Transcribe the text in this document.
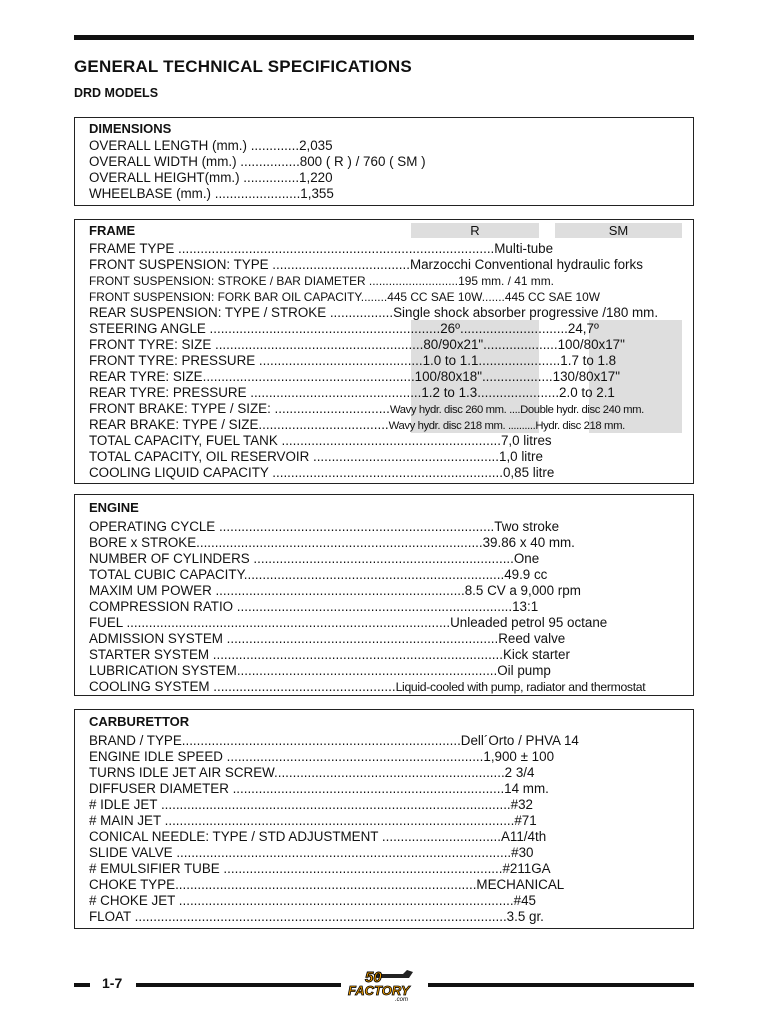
GENERAL TECHNICAL SPECIFICATIONS
DRD MODELS
DIMENSIONS
OVERALL LENGTH (mm.) .............2,035
OVERALL WIDTH (mm.) ................800 ( R ) / 760 ( SM )
OVERALL HEIGHT(mm.) ...............1,220
WHEELBASE (mm.) .......................1,355
FRAME	R	SM
FRAME TYPE .....................................................................................Multi-tube
FRONT SUSPENSION: TYPE .....................................Marzocchi Conventional hydraulic forks
FRONT SUSPENSION: STROKE / BAR DIAMETER ...........................195 mm. / 41 mm.
FRONT SUSPENSION: FORK BAR OIL CAPACITY........445 CC SAE 10W.......445 CC SAE 10W
REAR SUSPENSION: TYPE / STROKE .................Single shock absorber progressive /180 mm.
STEERING ANGLE ..............................................................26º.............................24,7º
FRONT TYRE: SIZE ........................................................80/90x21"....................100/80x17"
FRONT TYRE: PRESSURE ............................................1.0 to 1.1......................1.7 to 1.8
REAR TYRE: SIZE.........................................................100/80x18"...................130/80x17"
REAR TYRE: PRESSURE ..............................................1.2 to 1.3......................2.0 to 2.1
FRONT BRAKE: TYPE / SIZE: ...............................Wavy hydr. disc 260 mm. ....Double hydr. disc 240 mm.
REAR BRAKE: TYPE / SIZE...................................Wavy hydr. disc 218 mm. ..........Hydr. disc 218 mm.
TOTAL CAPACITY, FUEL TANK ...........................................................7,0 litres
TOTAL CAPACITY, OIL RESERVOIR ..................................................1,0 litre
COOLING LIQUID CAPACITY ..............................................................0,85 litre
ENGINE
OPERATING CYCLE ..........................................................................Two stroke
BORE x STROKE.............................................................................39.86 x 40 mm.
NUMBER OF CYLINDERS ......................................................................One
TOTAL CUBIC CAPACITY......................................................................49.9 cc
MAXIM UM POWER ...................................................................8.5 CV a 9,000 rpm
COMPRESSION RATIO ..........................................................................13:1
FUEL .......................................................................................Unleaded petrol 95 octane
ADMISSION SYSTEM .........................................................................Reed valve
STARTER SYSTEM ..............................................................................Kick starter
LUBRICATION SYSTEM......................................................................Oil pump
COOLING SYSTEM .................................................Liquid-cooled with pump, radiator and thermostat
CARBURETTOR
BRAND / TYPE...........................................................................Dell´Orto / PHVA 14
ENGINE IDLE SPEED .....................................................................1,900 ± 100
TURNS IDLE JET AIR SCREW..............................................................2 3/4
DIFFUSER DIAMETER .........................................................................14 mm.
# IDLE JET ..............................................................................................#32
# MAIN JET ..............................................................................................#71
CONICAL NEEDLE: TYPE / STD ADJUSTMENT ................................A11/4th
SLIDE VALVE ..........................................................................................#30
# EMULSIFIER TUBE ...........................................................................#211GA
CHOKE TYPE.................................................................................MECHANICAL
# CHOKE JET ..........................................................................................#45
FLOAT ....................................................................................................3.5 gr.
1-7	50
FACTORY
.com
